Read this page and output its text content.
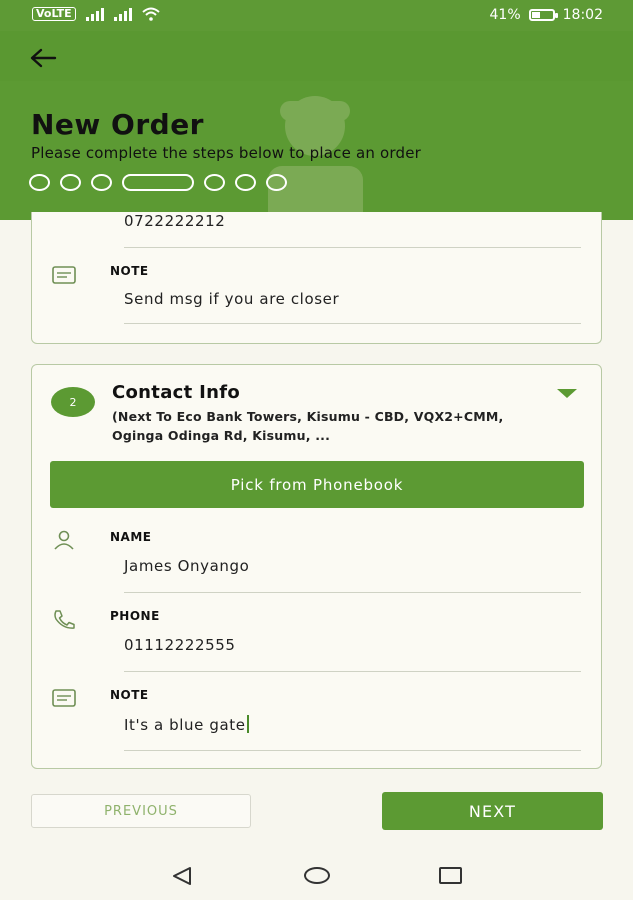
VoLTE	41%	18:02
New Order
Please complete the steps below to place an order
0722222212
NOTE
Send msg if you are closer
2	Contact Info
(Next To Eco Bank Towers, Kisumu - CBD, VQX2+CMM, Oginga Odinga Rd, Kisumu, ...
Pick from Phonebook
NAME
James Onyango
PHONE
01112222555
NOTE
It's a blue gate
PREVIOUS	NEXT
